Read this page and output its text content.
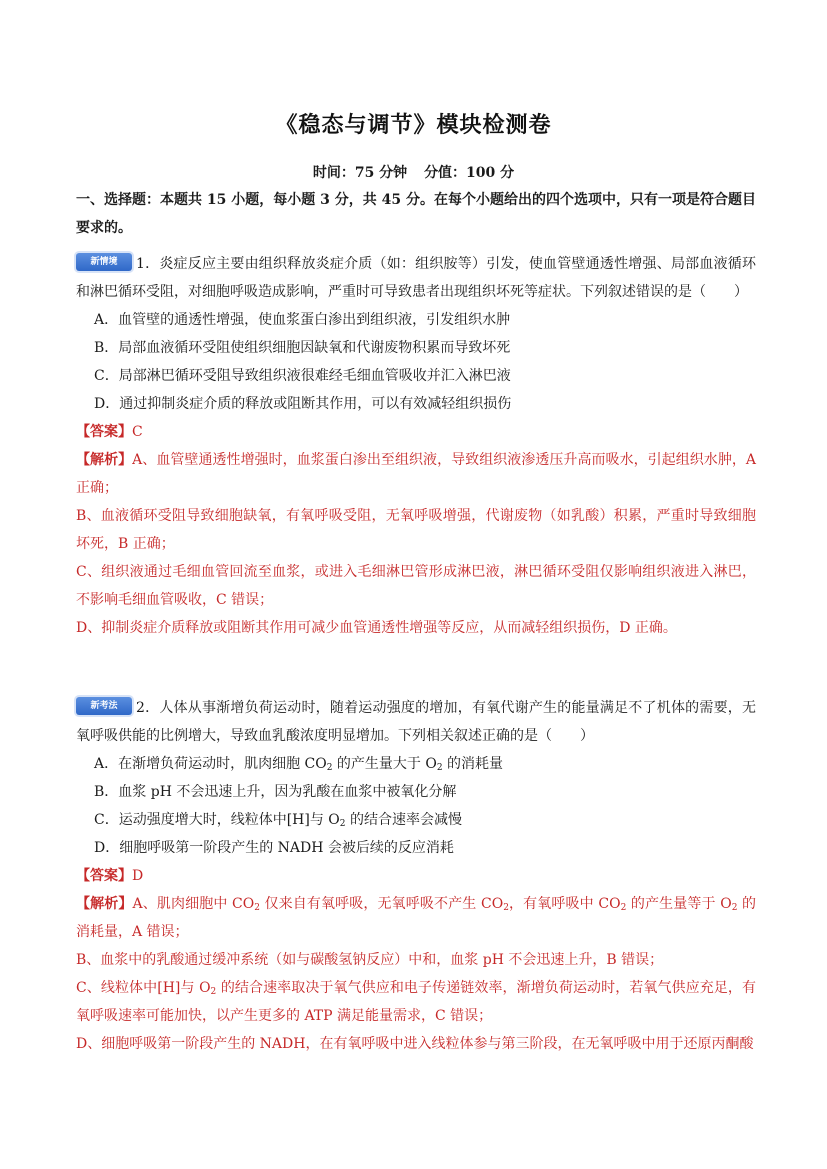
《稳态与调节》模块检测卷
时间：75 分钟 分值：100 分
一、选择题：本题共 15 小题，每小题 3 分，共 45 分。在每个小题给出的四个选项中，只有一项是符合题目要求的。
新情境 1．炎症反应主要由组织释放炎症介质（如：组织胺等）引发，使血管壁通透性增强、局部血液循环和淋巴循环受阻，对细胞呼吸造成影响，严重时可导致患者出现组织坏死等症状。下列叙述错误的是（　　）
A．血管壁的通透性增强，使血浆蛋白渗出到组织液，引发组织水肿
B．局部血液循环受阻使组织细胞因缺氧和代谢废物积累而导致坏死
C．局部淋巴循环受阻导致组织液很难经毛细血管吸收并汇入淋巴液
D．通过抑制炎症介质的释放或阻断其作用，可以有效减轻组织损伤
【答案】C
【解析】A、血管壁通透性增强时，血浆蛋白渗出至组织液，导致组织液渗透压升高而吸水，引起组织水肿，A 正确；
B、血液循环受阻导致细胞缺氧，有氧呼吸受阻，无氧呼吸增强，代谢废物（如乳酸）积累，严重时导致细胞坏死，B 正确；
C、组织液通过毛细血管回流至血浆，或进入毛细淋巴管形成淋巴液，淋巴循环受阻仅影响组织液进入淋巴，不影响毛细血管吸收，C 错误；
D、抑制炎症介质释放或阻断其作用可减少血管通透性增强等反应，从而减轻组织损伤，D 正确。
新考法 2．人体从事渐增负荷运动时，随着运动强度的增加，有氧代谢产生的能量满足不了机体的需要，无氧呼吸供能的比例增大，导致血乳酸浓度明显增加。下列相关叙述正确的是（　　）
A．在渐增负荷运动时，肌肉细胞 $CO_2$ 的产生量大于 $O_2$ 的消耗量
B．血浆 pH 不会迅速上升，因为乳酸在血浆中被氧化分解
C．运动强度增大时，线粒体中[H]与 $O_2$ 的结合速率会减慢
D．细胞呼吸第一阶段产生的 NADH 会被后续的反应消耗
【答案】D
【解析】A、肌肉细胞中 $CO_2$ 仅来自有氧呼吸，无氧呼吸不产生 $CO_2$，有氧呼吸中 $CO_2$ 的产生量等于 $O_2$ 的消耗量，A 错误；
B、血浆中的乳酸通过缓冲系统（如与碳酸氢钠反应）中和，血浆 pH 不会迅速上升，B 错误；
C、线粒体中[H]与 $O_2$ 的结合速率取决于氧气供应和电子传递链效率，渐增负荷运动时，若氧气供应充足，有氧呼吸速率可能加快，以产生更多的 ATP 满足能量需求，C 错误；
D、细胞呼吸第一阶段产生的 NADH，在有氧呼吸中进入线粒体参与第三阶段，在无氧呼吸中用于还原丙酮酸
